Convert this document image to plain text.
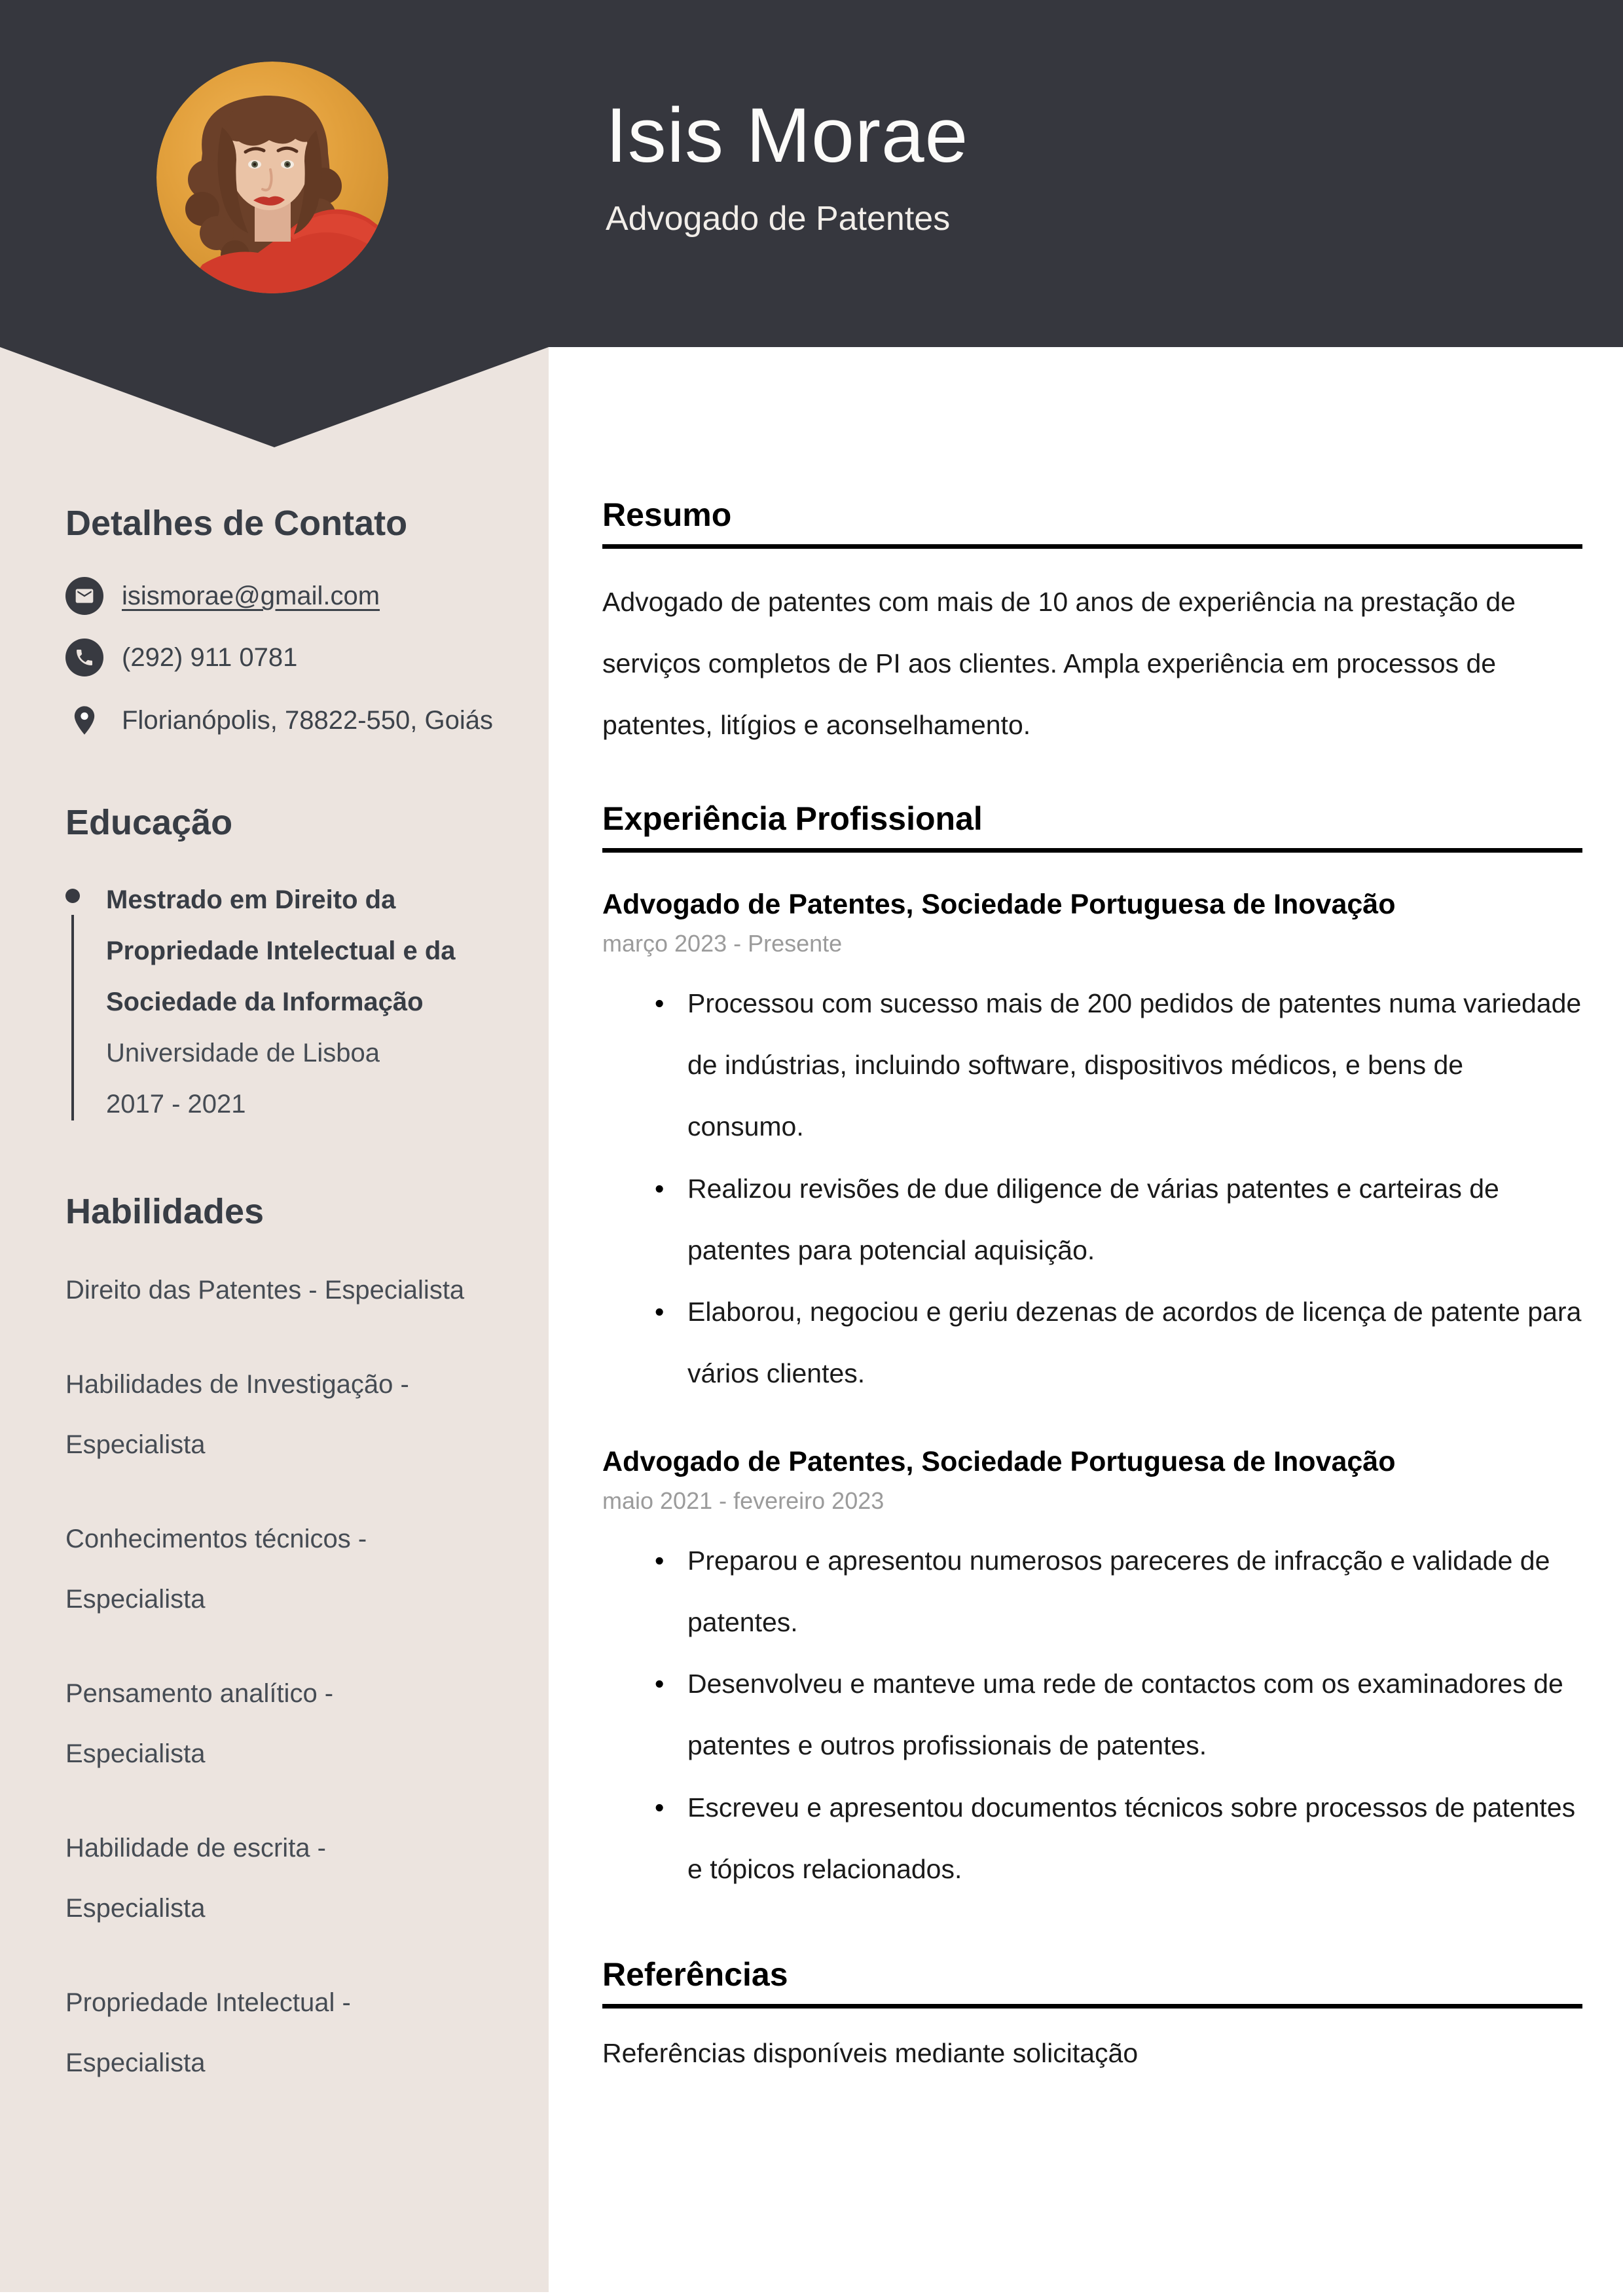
Isis Morae
Advogado de Patentes
Detalhes de Contato
isismorae@gmail.com
(292) 911 0781
Florianópolis, 78822-550, Goiás
Educação
Mestrado em Direito da Propriedade Intelectual e da Sociedade da Informação
Universidade de Lisboa
2017 - 2021
Habilidades
Direito das Patentes - Especialista
Habilidades de Investigação - Especialista
Conhecimentos técnicos - Especialista
Pensamento analítico - Especialista
Habilidade de escrita - Especialista
Propriedade Intelectual - Especialista
Resumo
Advogado de patentes com mais de 10 anos de experiência na prestação de serviços completos de PI aos clientes. Ampla experiência em processos de patentes, litígios e aconselhamento.
Experiência Profissional
Advogado de Patentes, Sociedade Portuguesa de Inovação
março 2023 - Presente
• Processou com sucesso mais de 200 pedidos de patentes numa variedade de indústrias, incluindo software, dispositivos médicos, e bens de consumo.
• Realizou revisões de due diligence de várias patentes e carteiras de patentes para potencial aquisição.
• Elaborou, negociou e geriu dezenas de acordos de licença de patente para vários clientes.
Advogado de Patentes, Sociedade Portuguesa de Inovação
maio 2021 - fevereiro 2023
• Preparou e apresentou numerosos pareceres de infracção e validade de patentes.
• Desenvolveu e manteve uma rede de contactos com os examinadores de patentes e outros profissionais de patentes.
• Escreveu e apresentou documentos técnicos sobre processos de patentes e tópicos relacionados.
Referências
Referências disponíveis mediante solicitação
